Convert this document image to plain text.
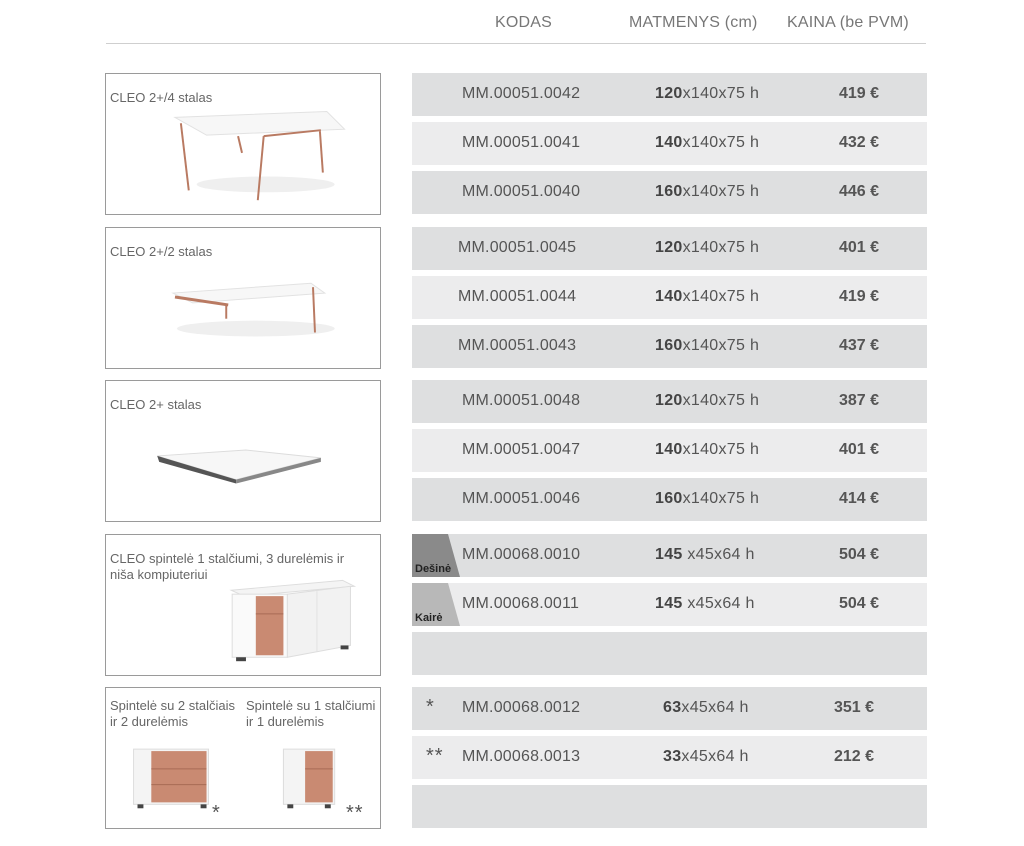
KODAS	MATMENYS (cm) KAINA (be PVM)
CLEO 2+/4 stalas
CLEO 2+/2 stalas
CLEO 2+ stalas
CLEO spintelė 1 stalčiumi, 3 durelėmis ir niša kompiuteriui
Spintelė su 2 stalčiais ir 2 durelėmis
Spintelė su 1 stalčiumi ir 1 durelėmis
*	**
MM.00051.0042	120x140x75 h	419 €
MM.00051.0041	140x140x75 h	432 €
MM.00051.0040	160x140x75 h	446 €
MM.00051.0045	120x140x75 h	401 €
MM.00051.0044	140x140x75 h	419 €
MM.00051.0043	160x140x75 h	437 €
MM.00051.0048	120x140x75 h	387 €
MM.00051.0047	140x140x75 h	401 €
MM.00051.0046	160x140x75 h	414 €
Dešinė
MM.00068.0010	145 x45x64 h	504 €
Kairė
MM.00068.0011	145 x45x64 h	504 €
* MM.00068.0012	63x45x64 h	351 €
** MM.00068.0013	33x45x64 h	212 €
